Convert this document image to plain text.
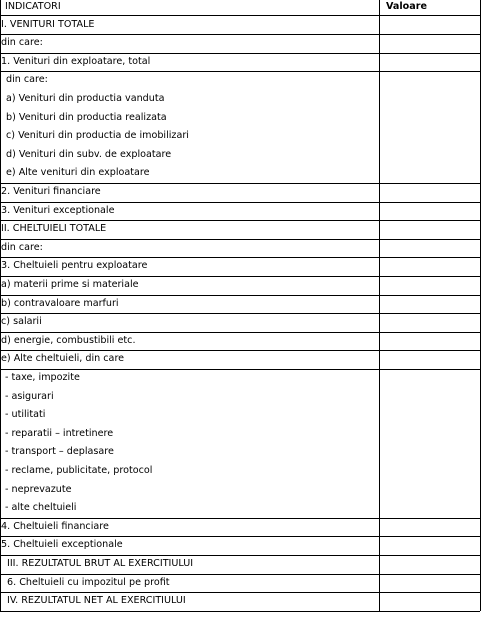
INDICATORI	Valoare
I. VENITURI TOTALE
din care:
1. Venituri din exploatare, total
din care:
a) Venituri din productia vanduta
b) Venituri din productia realizata
c) Venituri din productia de imobilizari
d) Venituri din subv. de exploatare
e) Alte venituri din exploatare
2. Venituri financiare
3. Venituri exceptionale
II. CHELTUIELI TOTALE
din care:
3. Cheltuieli pentru exploatare
a) materii prime si materiale
b) contravaloare marfuri
c) salarii
d) energie, combustibili etc.
e) Alte cheltuieli, din care
- taxe, impozite
- asigurari
- utilitati
- reparatii – intretinere
- transport – deplasare
- reclame, publicitate, protocol
- neprevazute
- alte cheltuieli
4. Cheltuieli financiare
5. Cheltuieli exceptionale
III. REZULTATUL BRUT AL EXERCITIULUI
6. Cheltuieli cu impozitul pe profit
IV. REZULTATUL NET AL EXERCITIULUI
